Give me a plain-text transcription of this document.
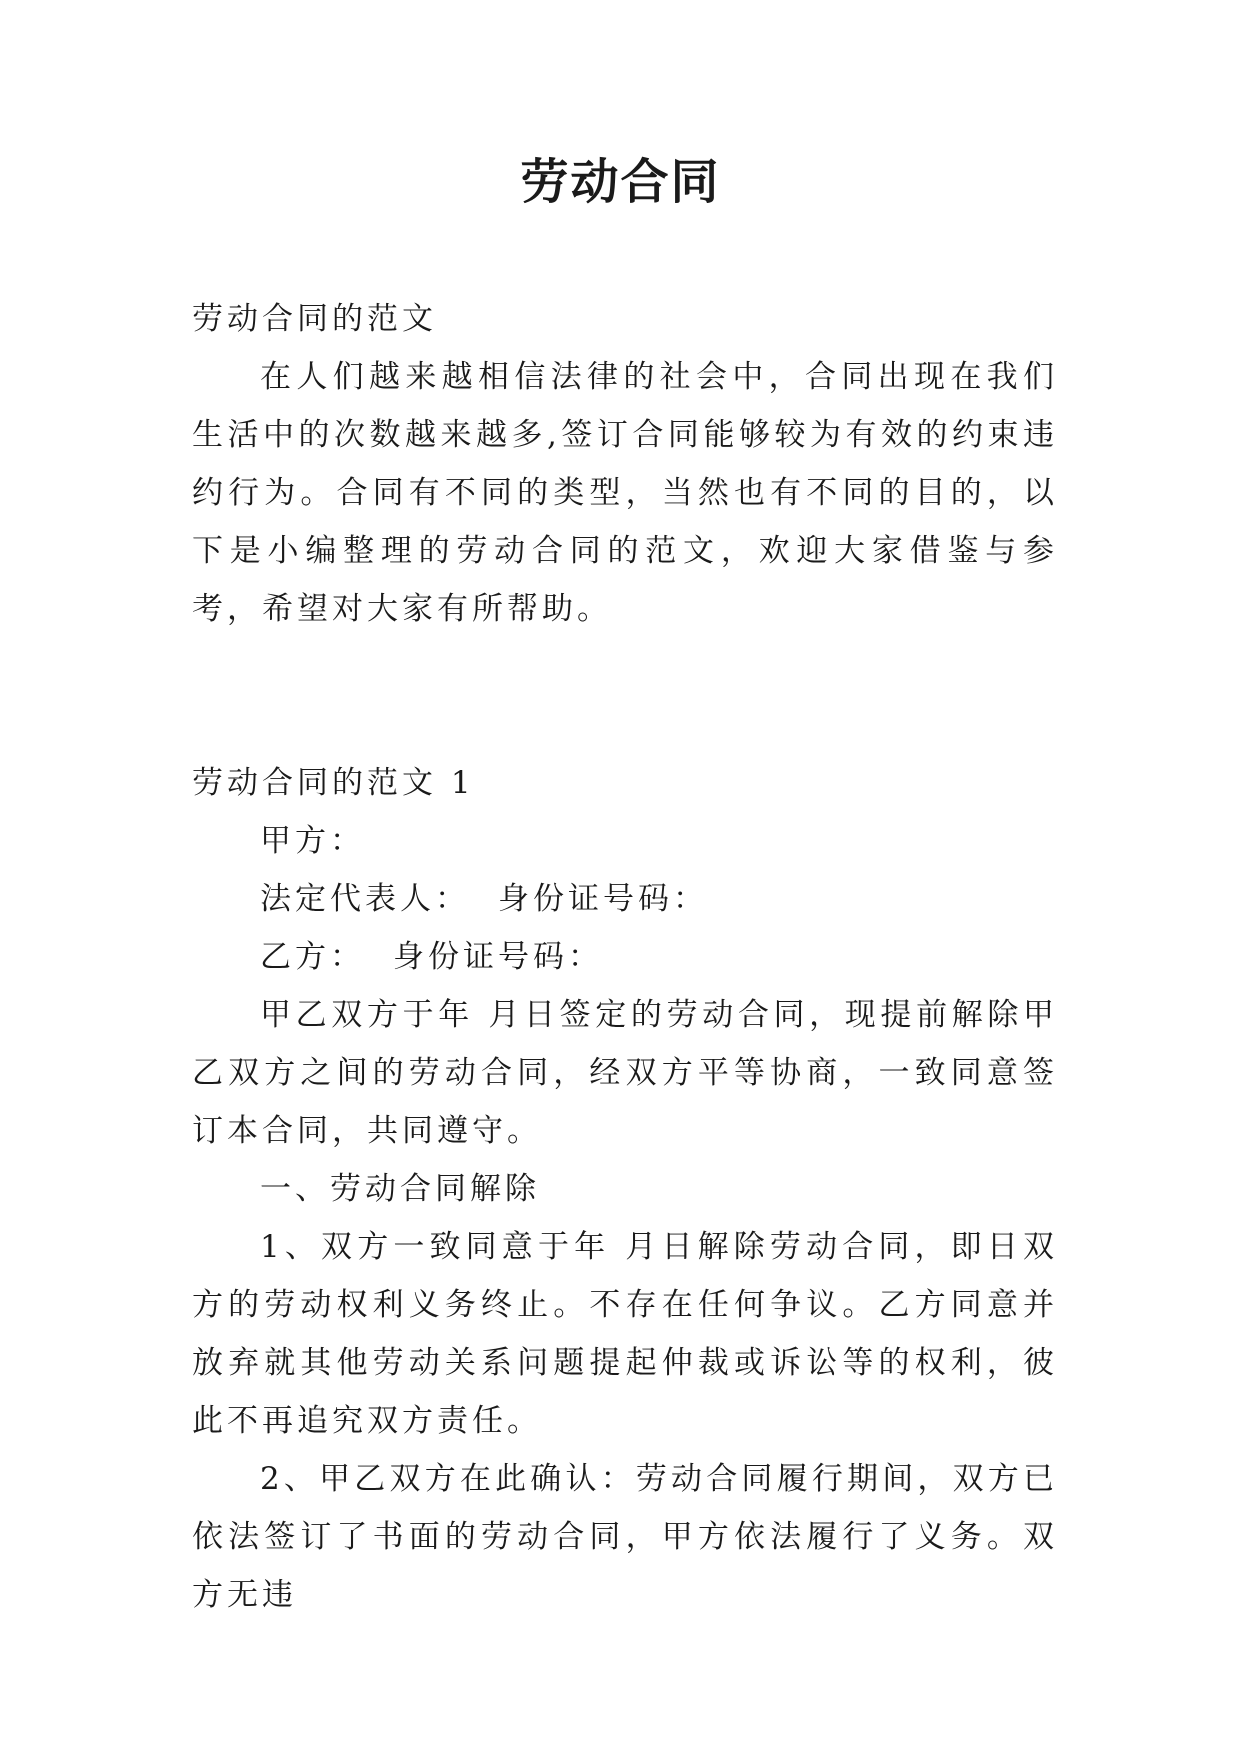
劳动合同

劳动合同的范文

在人们越来越相信法律的社会中，合同出现在我们生活中的次数越来越多,签订合同能够较为有效的约束违约行为。合同有不同的类型，当然也有不同的目的，以下是小编整理的劳动合同的范文，欢迎大家借鉴与参考，希望对大家有所帮助。

劳动合同的范文 1

甲方：

法定代表人： 身份证号码：

乙方： 身份证号码：

甲乙双方于年 月日签定的劳动合同，现提前解除甲乙双方之间的劳动合同，经双方平等协商，一致同意签订本合同，共同遵守。

一、劳动合同解除

1、双方一致同意于年 月日解除劳动合同，即日双方的劳动权利义务终止。不存在任何争议。乙方同意并放弃就其他劳动关系问题提起仲裁或诉讼等的权利，彼此不再追究双方责任。

2、甲乙双方在此确认：劳动合同履行期间，双方已依法签订了书面的劳动合同，甲方依法履行了义务。双方无违
